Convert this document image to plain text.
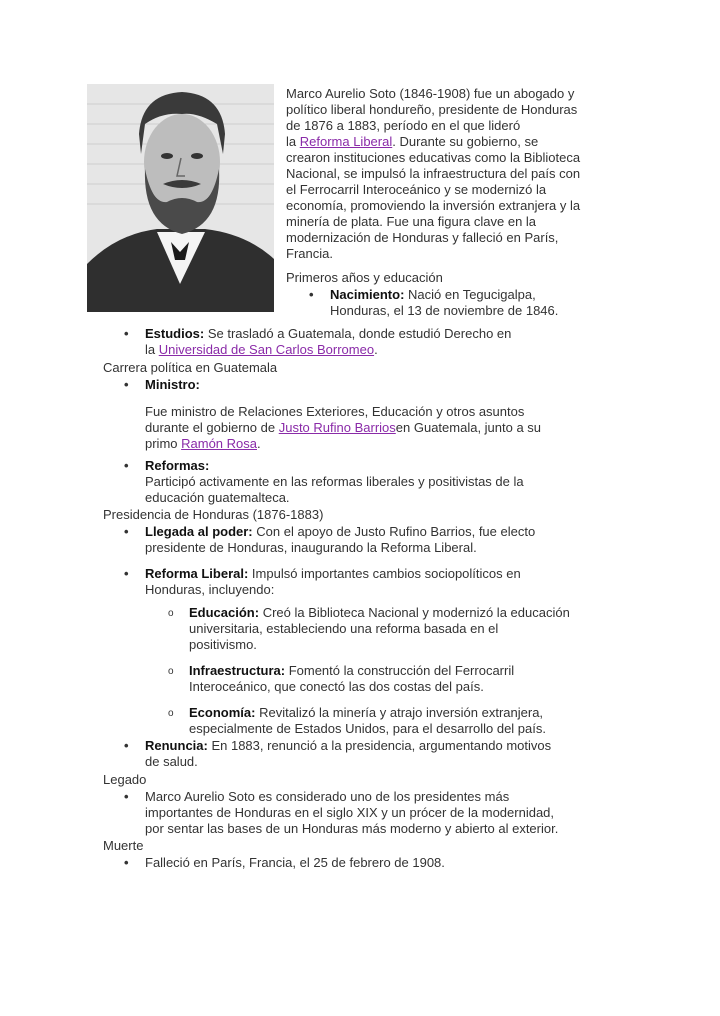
Marco Aurelio Soto (1846-1908) fue un abogado y
político liberal hondureño, presidente de Honduras
de 1876 a 1883, período en el que lideró
la Reforma Liberal. Durante su gobierno, se
crearon instituciones educativas como la Biblioteca
Nacional, se impulsó la infraestructura del país con
el Ferrocarril Interoceánico y se modernizó la
economía, promoviendo la inversión extranjera y la
minería de plata. Fue una figura clave en la
modernización de Honduras y falleció en París,
Francia.
Primeros años y educación
• Nacimiento: Nació en Tegucigalpa,
Honduras, el 13 de noviembre de 1846.
• Estudios: Se trasladó a Guatemala, donde estudió Derecho en
la Universidad de San Carlos Borromeo.
Carrera política en Guatemala
• Ministro:
Fue ministro de Relaciones Exteriores, Educación y otros asuntos
durante el gobierno de Justo Rufino Barriosen Guatemala, junto a su
primo Ramón Rosa.
• Reformas:
Participó activamente en las reformas liberales y positivistas de la
educación guatemalteca.
Presidencia de Honduras (1876-1883)
• Llegada al poder: Con el apoyo de Justo Rufino Barrios, fue electo
presidente de Honduras, inaugurando la Reforma Liberal.
• Reforma Liberal: Impulsó importantes cambios sociopolíticos en
Honduras, incluyendo:
o Educación: Creó la Biblioteca Nacional y modernizó la educación
universitaria, estableciendo una reforma basada en el
positivismo.
o Infraestructura: Fomentó la construcción del Ferrocarril
Interoceánico, que conectó las dos costas del país.
o Economía: Revitalizó la minería y atrajo inversión extranjera,
especialmente de Estados Unidos, para el desarrollo del país.
• Renuncia: En 1883, renunció a la presidencia, argumentando motivos
de salud.
Legado
• Marco Aurelio Soto es considerado uno de los presidentes más
importantes de Honduras en el siglo XIX y un prócer de la modernidad,
por sentar las bases de un Honduras más moderno y abierto al exterior.
Muerte
• Falleció en París, Francia, el 25 de febrero de 1908.
